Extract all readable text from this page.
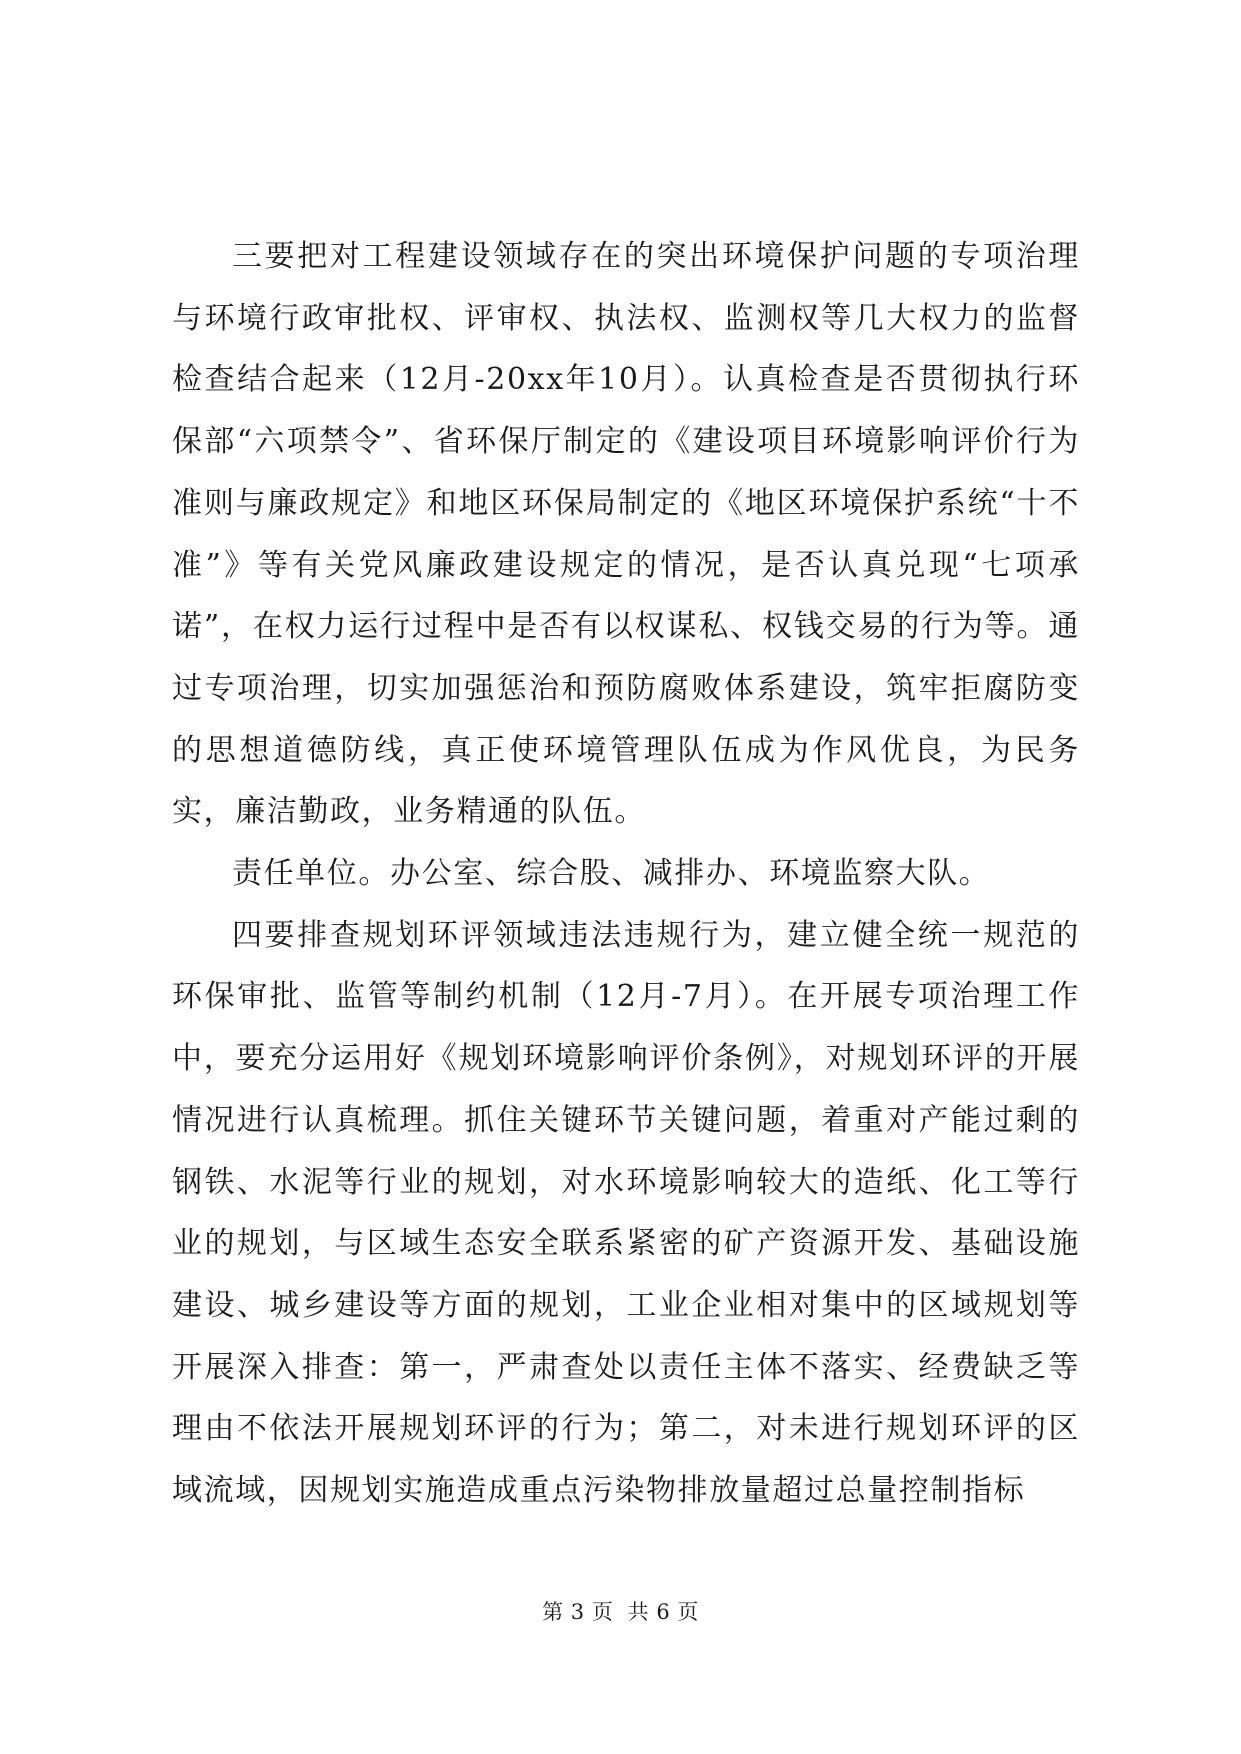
三要把对工程建设领域存在的突出环境保护问题的专项治理与环境行政审批权、评审权、执法权、监测权等几大权力的监督检查结合起来（12月-20xx年10月）。认真检查是否贯彻执行环保部“六项禁令”、省环保厅制定的《建设项目环境影响评价行为准则与廉政规定》和地区环保局制定的《地区环境保护系统“十不准”》等有关党风廉政建设规定的情况，是否认真兑现“七项承诺”，在权力运行过程中是否有以权谋私、权钱交易的行为等。通过专项治理，切实加强惩治和预防腐败体系建设，筑牢拒腐防变的思想道德防线，真正使环境管理队伍成为作风优良，为民务实，廉洁勤政，业务精通的队伍。

责任单位。办公室、综合股、减排办、环境监察大队。

四要排查规划环评领域违法违规行为，建立健全统一规范的环保审批、监管等制约机制（12月-7月）。在开展专项治理工作中，要充分运用好《规划环境影响评价条例》，对规划环评的开展情况进行认真梳理。抓住关键环节关键问题，着重对产能过剩的钢铁、水泥等行业的规划，对水环境影响较大的造纸、化工等行业的规划，与区域生态安全联系紧密的矿产资源开发、基础设施建设、城乡建设等方面的规划，工业企业相对集中的区域规划等开展深入排查：第一，严肃查处以责任主体不落实、经费缺乏等理由不依法开展规划环评的行为；第二，对未进行规划环评的区域流域，因规划实施造成重点污染物排放量超过总量控制指标

第 3 页  共 6 页
